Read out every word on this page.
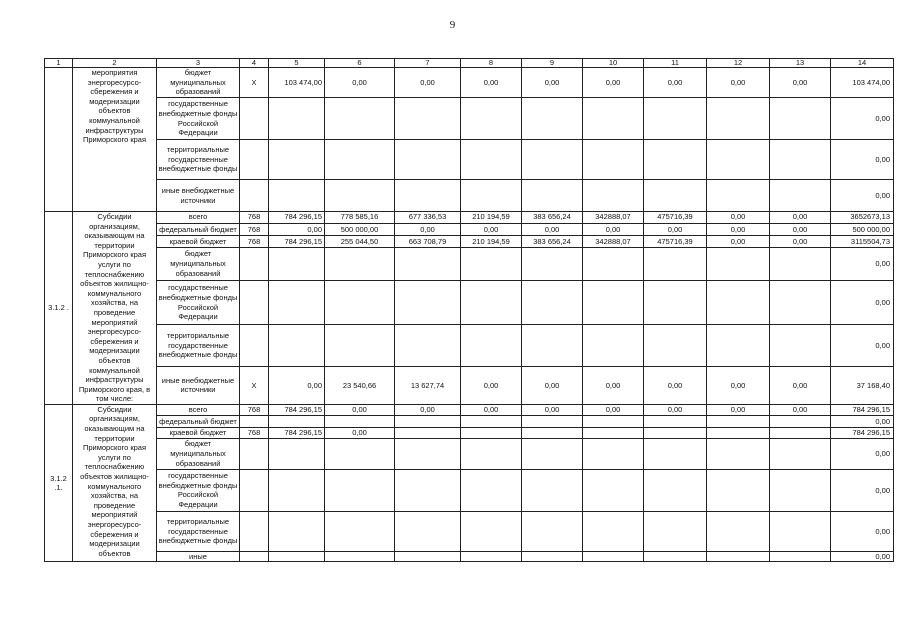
9
1	2	3	4	5	6	7	8	9	10	11	12	13	14
	мероприятия энергоресурсо-сбережения и модернизации объектов коммунальной инфраструктуры Приморского края	бюджет муниципальных образований	Х	103 474,00	0,00	0,00	0,00	0,00	0,00	0,00	0,00	0,00	103 474,00
		государственные внебюджетные фонды Российской Федерации											0,00
		территориальные государственные внебюджетные фонды											0,00
		иные внебюджетные источники											0,00
3.1.2 .	Субсидии организациям, оказывающим на территории Приморского края услуги по теплоснабжению объектов жилищно-коммунального хозяйства, на проведение мероприятий энергоресурсо-сбережения и модернизации объектов коммунальной инфраструктуры Приморского края, в том числе:	всего	768	784 296,15	778 585,16	677 336,53	210 194,59	383 656,24	342888,07	475716,39	0,00	0,00	3652673,13
		федеральный бюджет	768	0,00	500 000,00	0,00	0,00	0,00	0,00	0,00	0,00	0,00	500 000,00
		краевой бюджет	768	784 296,15	255 044,50	663 708,79	210 194,59	383 656,24	342888,07	475716,39	0,00	0,00	3115504,73
		бюджет муниципальных образований											0,00
		государственные внебюджетные фонды Российской Федерации											0,00
		территориальные государственные внебюджетные фонды											0,00
		иные внебюджетные источники	Х	0,00	23 540,66	13 627,74	0,00	0,00	0,00	0,00	0,00	0,00	37 168,40
3.1.2 .1.	Субсидии организациям, оказывающим на территории Приморского края услуги по теплоснабжению объектов жилищно-коммунального хозяйства, на проведение мероприятий энергоресурсо-сбережения и модернизации объектов	всего	768	784 296,15	0,00	0,00	0,00	0,00	0,00	0,00	0,00	0,00	784 296,15
		федеральный бюджет											0,00
		краевой бюджет	768	784 296,15	0,00								784 296,15
		бюджет муниципальных образований											0,00
		государственные внебюджетные фонды Российской Федерации											0,00
		территориальные государственные внебюджетные фонды											0,00
		иные											0,00
